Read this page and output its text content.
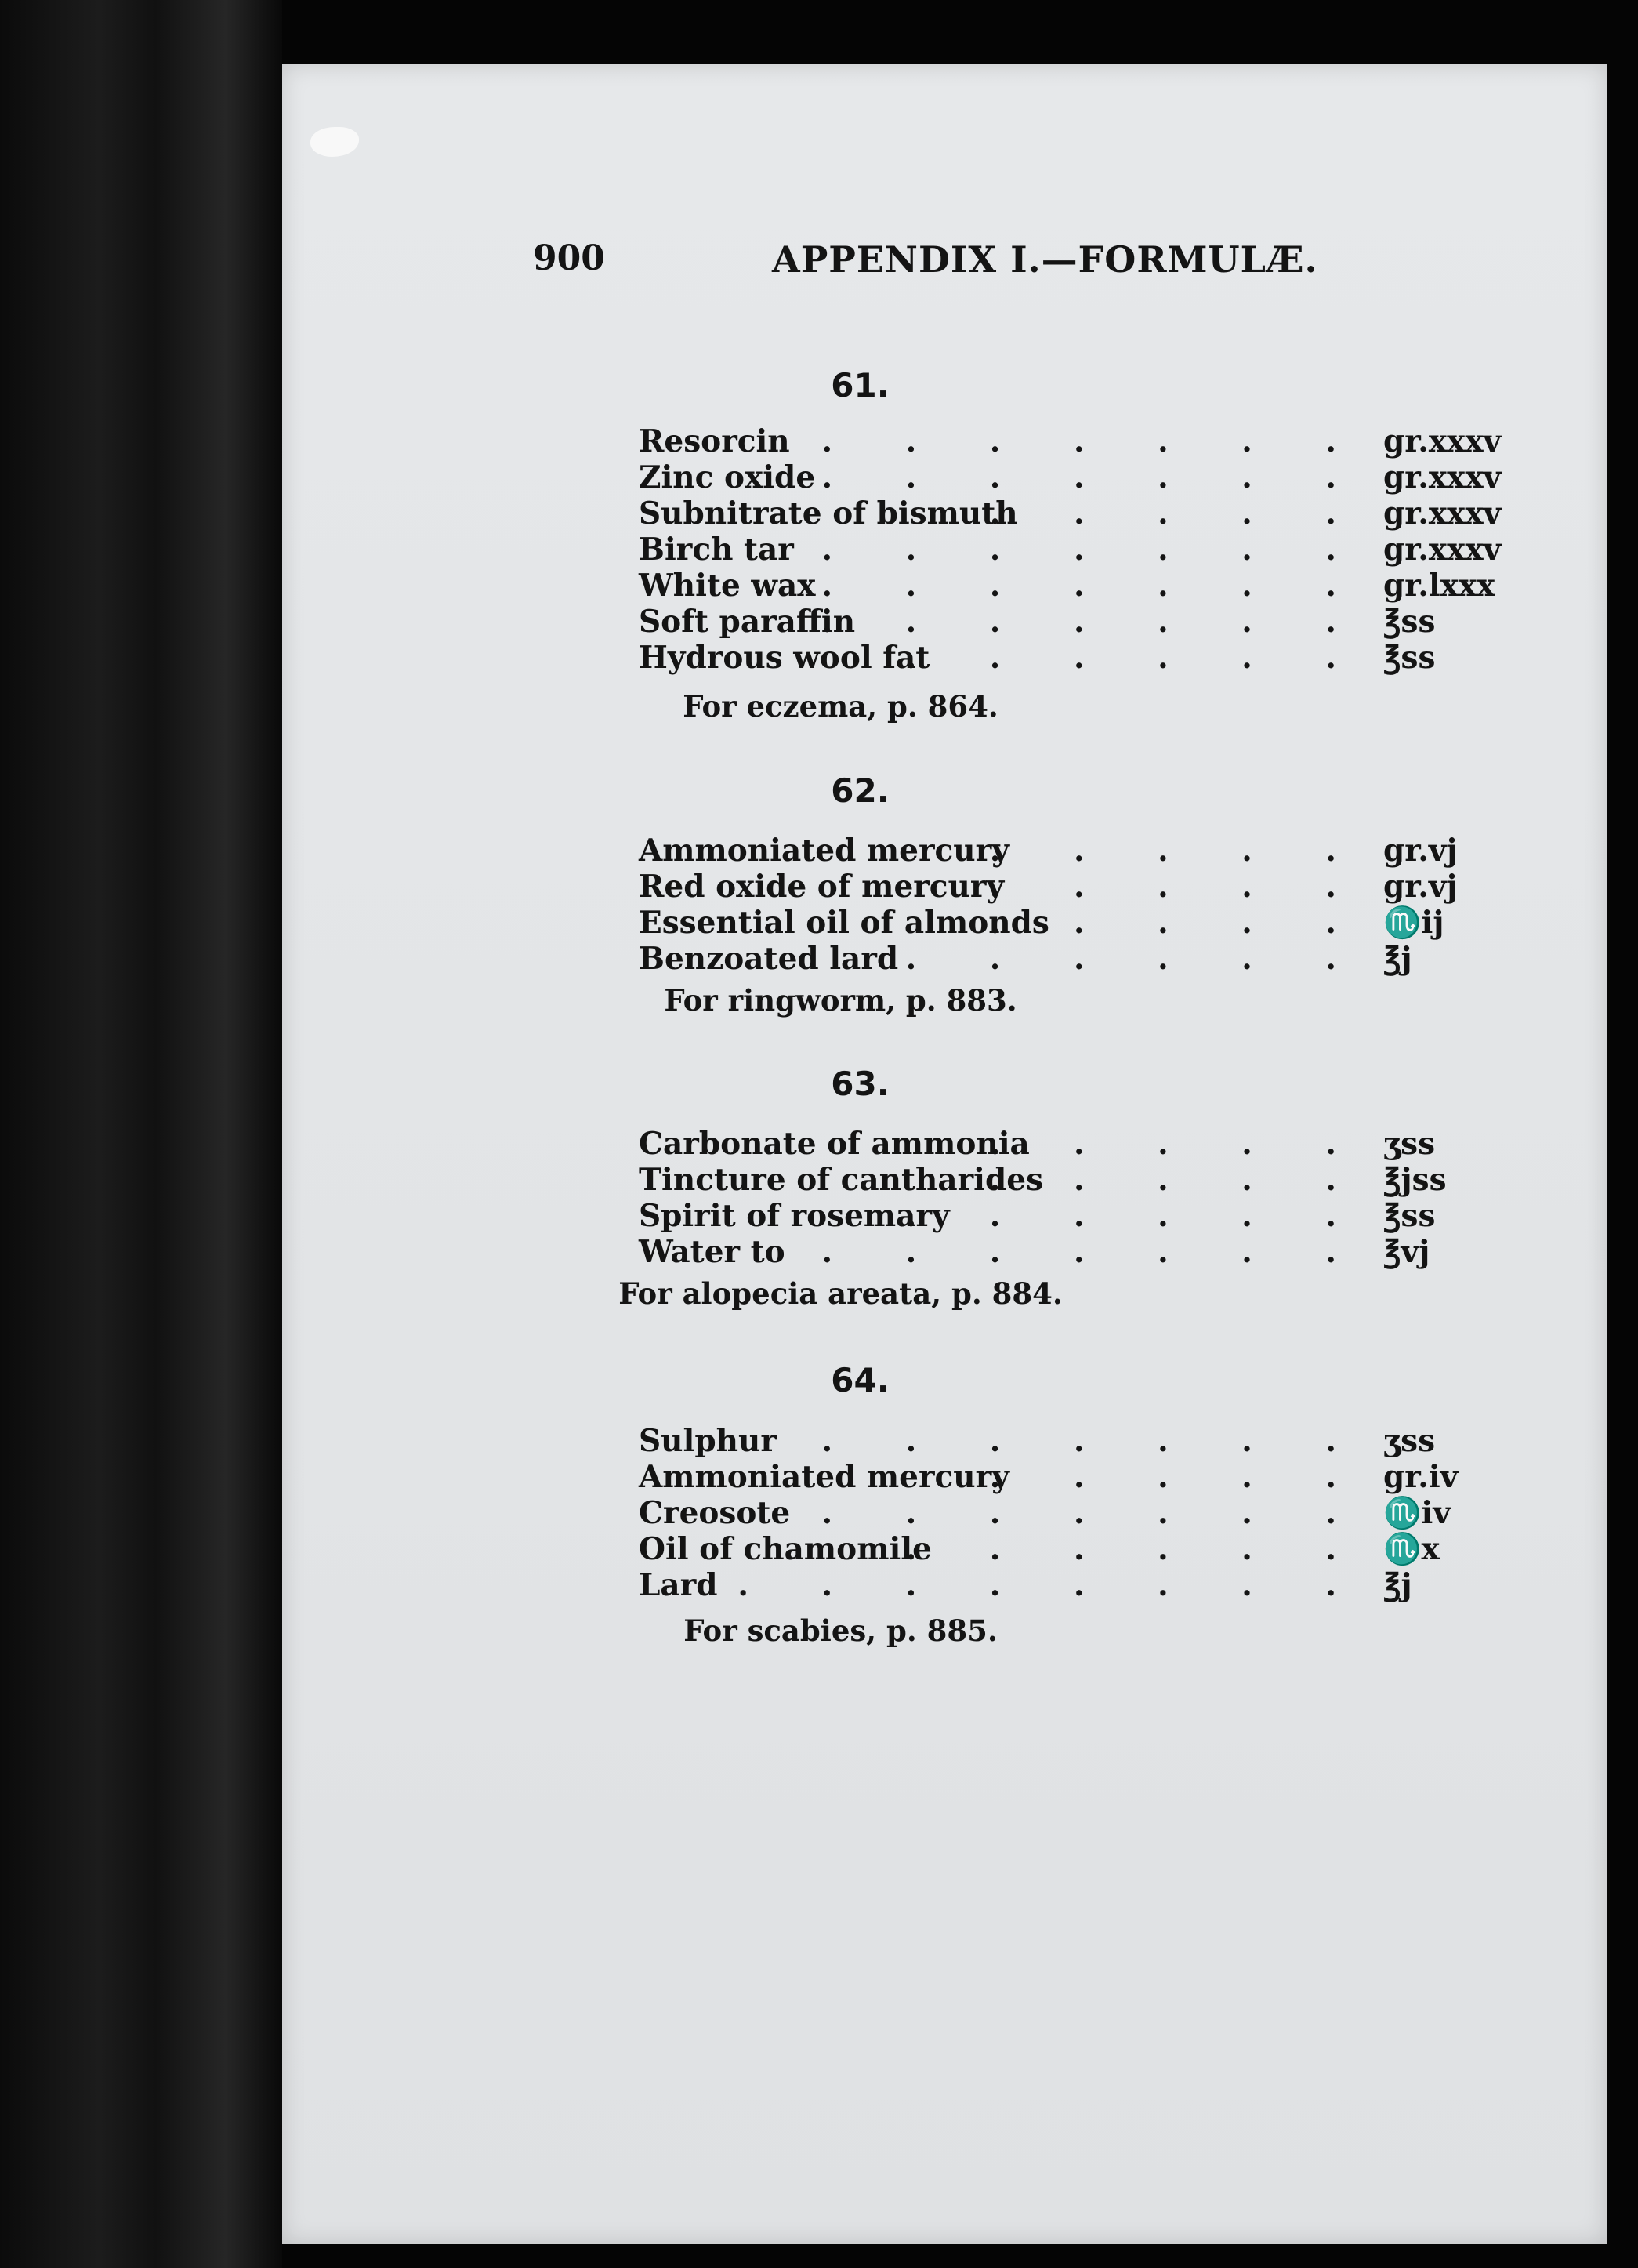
900	APPENDIX I.—FORMULÆ.
61.
Resorcin . . . . . . . gr.xxxv
Zinc oxide . . . . . . . gr.xxxv
Subnitrate of bismuth
. . . . . gr.xxxv
Birch tar . . . . . . . gr.xxxv
White wax . . . . . . . gr.lxxx
Soft paraffin
. . . . . . . ℥ss
Hydrous wool fat
. . . . . . ℥ss
For eczema, p. 864.
62.
Ammoniated mercury
. . . . . gr.vj
Red oxide of mercury
. . . . . gr.vj
Essential oil of almonds
. . . . . ♏ij
Benzoated lard . . . . . . ℥j
For ringworm, p. 883.
63.
Carbonate of ammonia
. . . . . ʒss
Tincture of cantharides
. . . . . ℥jss
Spirit of rosemary
. . . . . . ℥ss
Water to . . . . . . . ℥vj
For alopecia areata, p. 884.
64.
Sulphur . . . . . . . ʒss
Ammoniated mercury
. . . . . gr.iv
Creosote . . . . . . . ♏iv
Oil of chamomile
. . . . . . ♏x
Lard . . . . . . . . ℥j
For scabies, p. 885.
